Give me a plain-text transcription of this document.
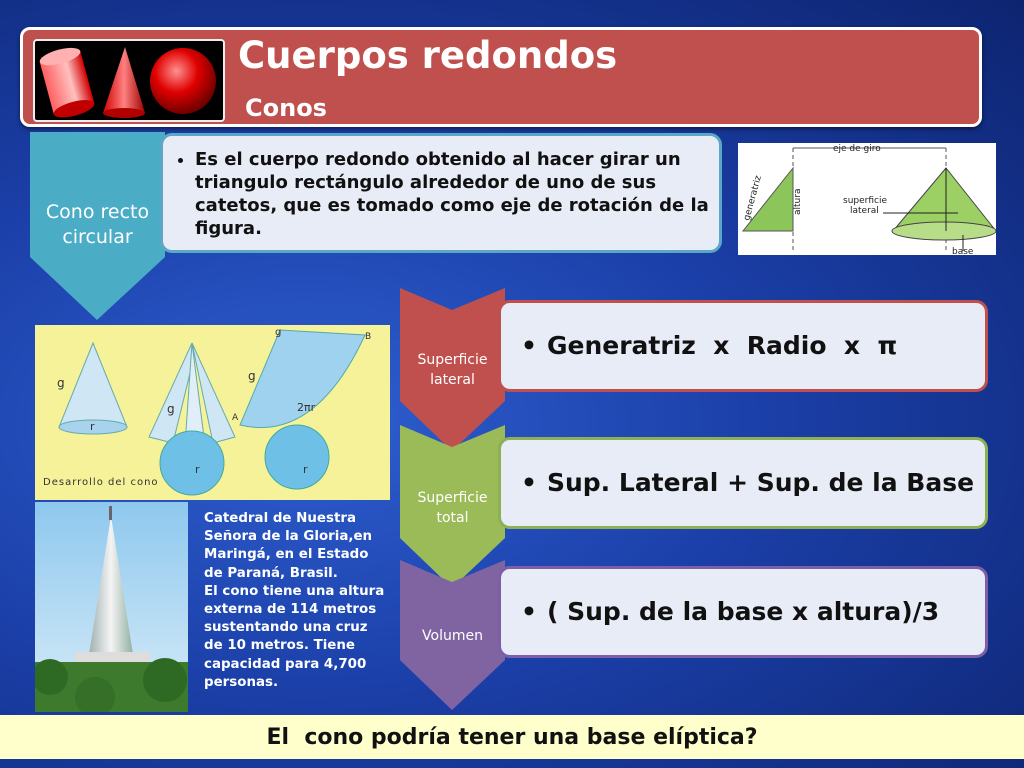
Cuerpos redondos
Conos
Cono recto circular
• Es el cuerpo redondo obtenido al hacer girar un triangulo rectángulo alrededor de uno de sus catetos, que es tomado como eje de rotación de la figura.
eje de giro
generatriz	altura	superficie
lateral
base
g
r
g
r
g
g
B
A
2πr
r
Desarrollo del cono
Catedral de Nuestra
Señora de la Gloria,en
Maringá, en el Estado
de Paraná, Brasil.
El cono tiene una altura
externa de 114 metros
sustentando una cruz
de 10 metros. Tiene
capacidad para 4,700
personas.
Superficie
lateral
Superficie
total
Volumen
• Generatriz  x  Radio  x  π
• Sup. Lateral + Sup. de la Base
• ( Sup. de la base x altura)/3
El  cono podría tener una base elíptica?
